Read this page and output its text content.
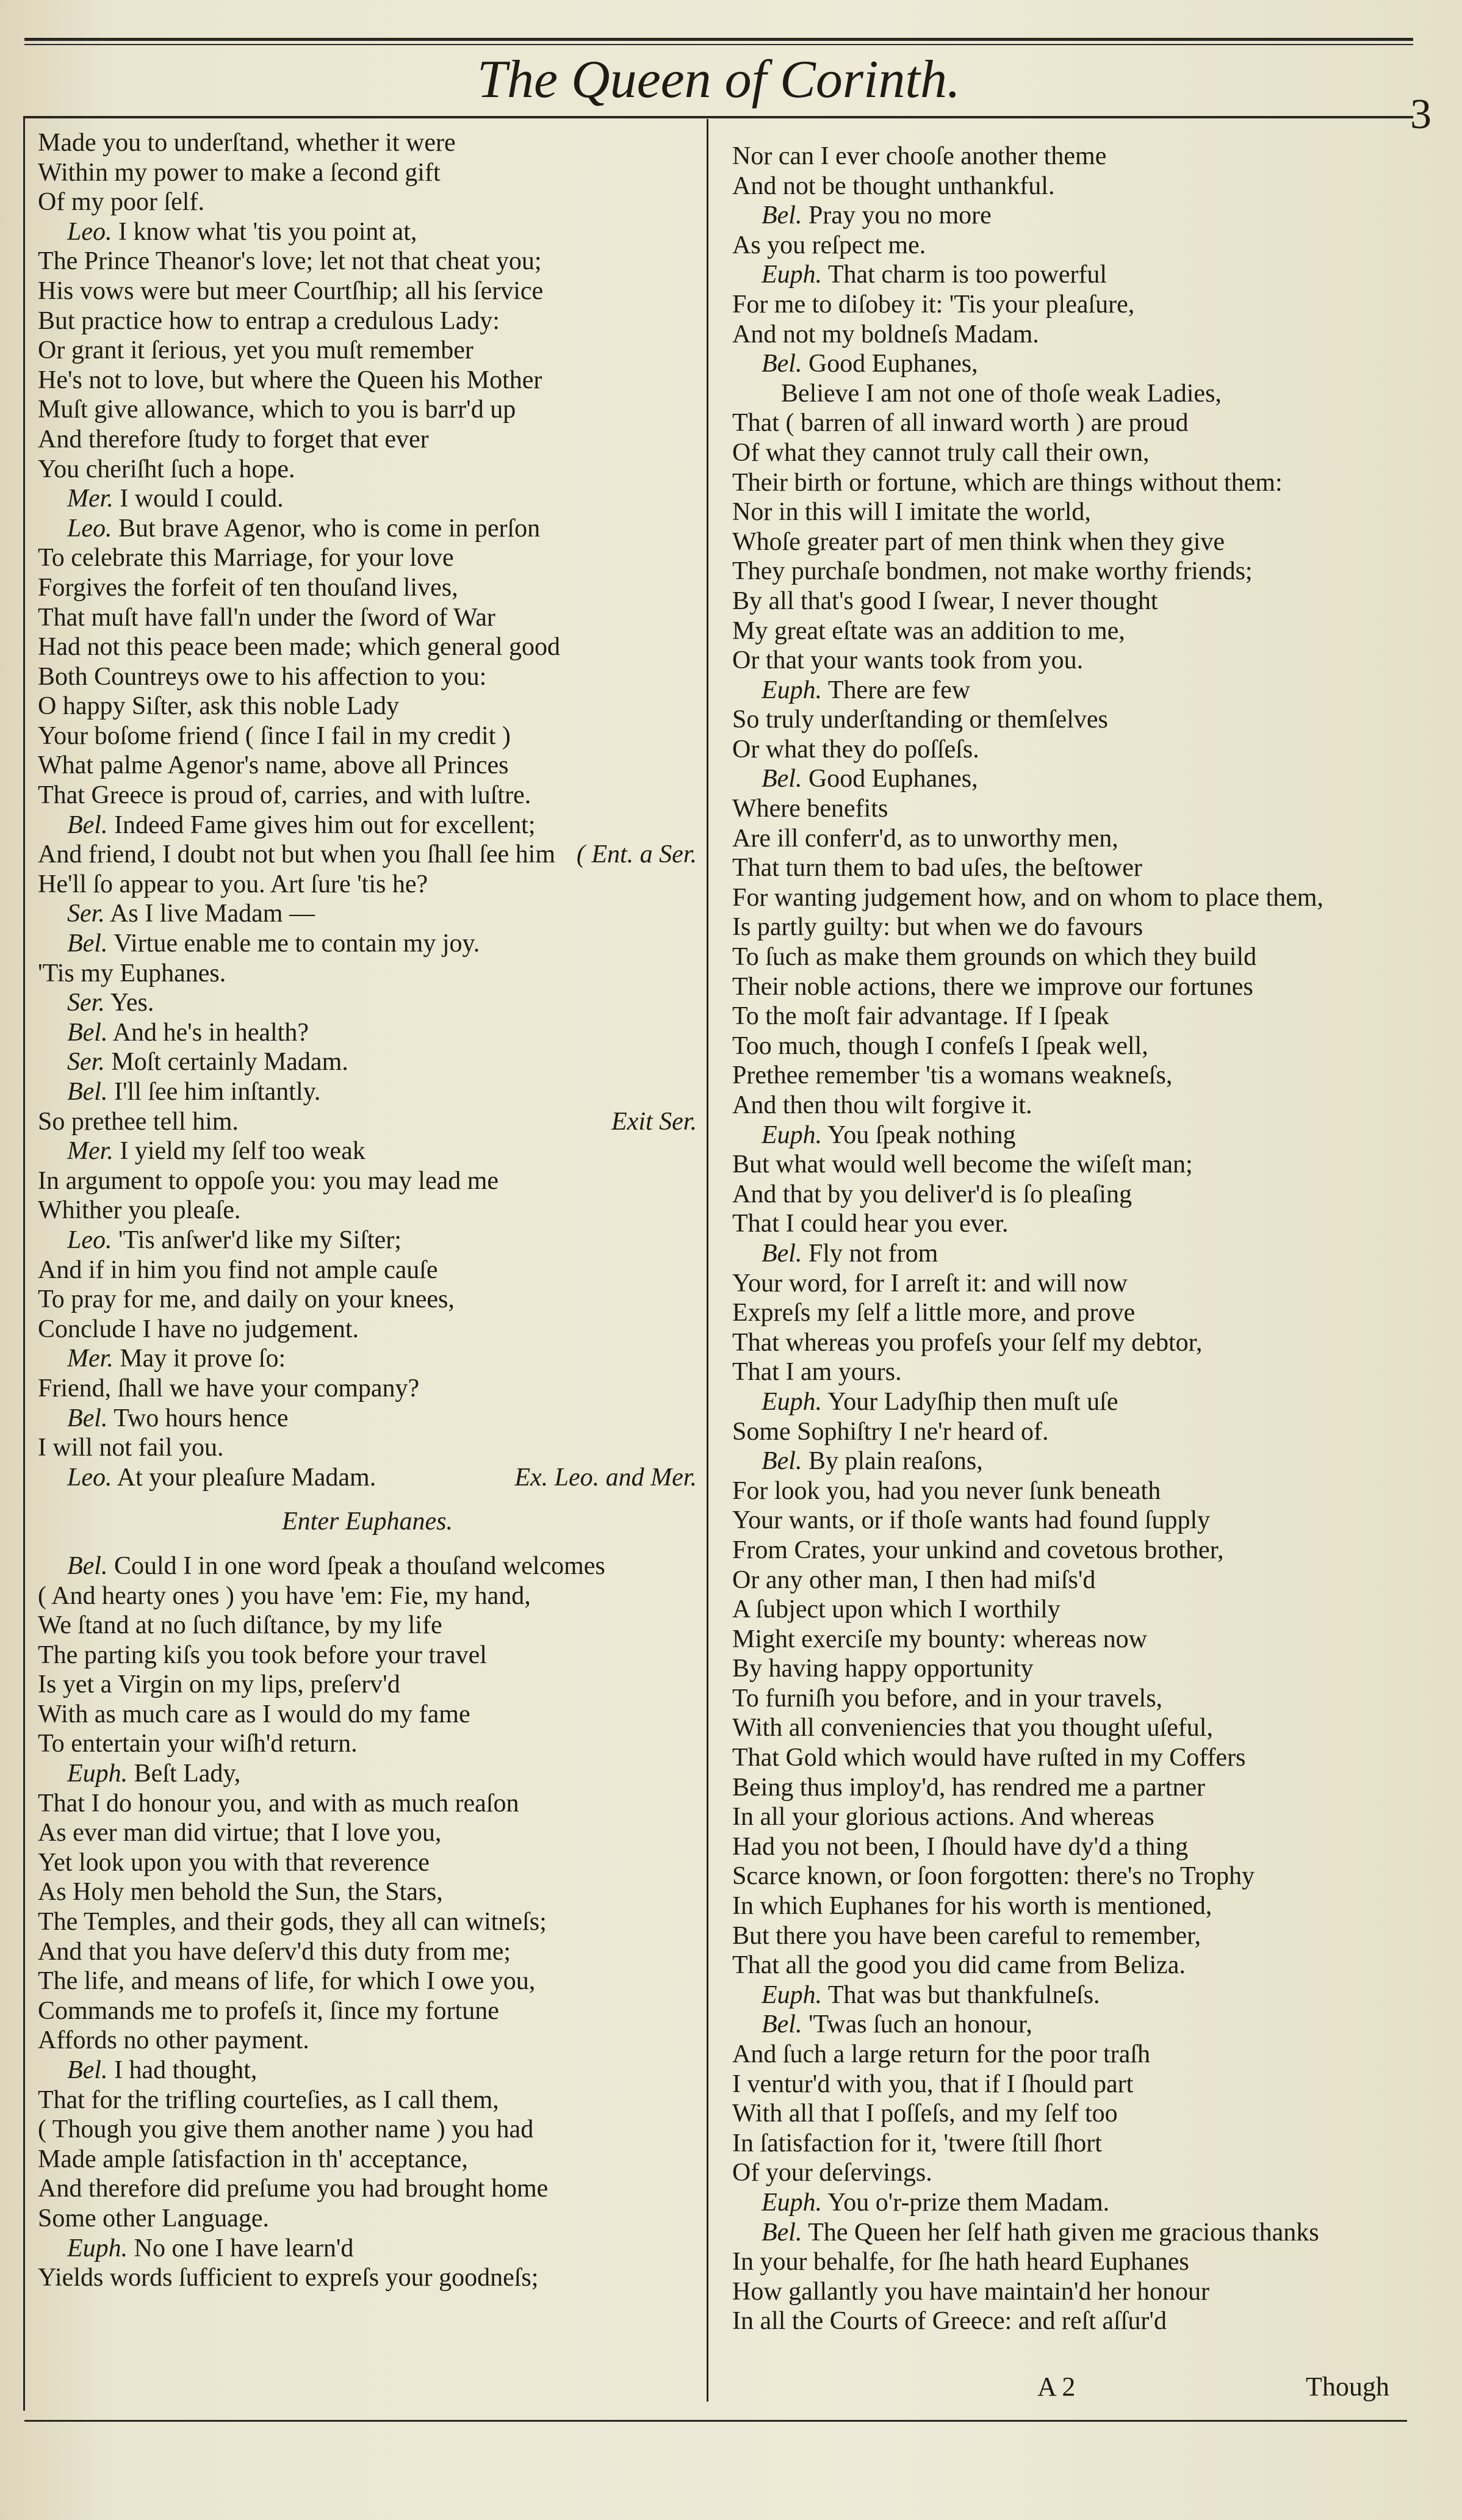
The Queen of Corinth.
3
Made you to underſtand, whether it were
Within my power to make a ſecond gift
Of my poor ſelf.
Leo. I know what 'tis you point at,
The Prince Theanor's love; let not that cheat you;
His vows were but meer Courtſhip; all his ſervice
But practice how to entrap a credulous Lady:
Or grant it ſerious, yet you muſt remember
He's not to love, but where the Queen his Mother
Muſt give allowance, which to you is barr'd up
And therefore ſtudy to forget that ever
You cheriſht ſuch a hope.
Mer. I would I could.
Leo. But brave Agenor, who is come in perſon
To celebrate this Marriage, for your love
Forgives the forfeit of ten thouſand lives,
That muſt have fall'n under the ſword of War
Had not this peace been made; which general good
Both Countreys owe to his affection to you:
O happy Siſter, ask this noble Lady
Your boſome friend ( ſince I fail in my credit )
What palme Agenor's name, above all Princes
That Greece is proud of, carries, and with luſtre.
Bel. Indeed Fame gives him out for excellent;
And friend, I doubt not but when you ſhall ſee him ( Ent. a Ser.
He'll ſo appear to you. Art ſure 'tis he?
Ser. As I live Madam —
Bel. Virtue enable me to contain my joy.
'Tis my Euphanes.
Ser. Yes.
Bel. And he's in health?
Ser. Moſt certainly Madam.
Bel. I'll ſee him inſtantly.
So prethee tell him.	Exit Ser.
Mer. I yield my ſelf too weak
In argument to oppoſe you: you may lead me
Whither you pleaſe.
Leo. 'Tis anſwer'd like my Siſter;
And if in him you find not ample cauſe
To pray for me, and daily on your knees,
Conclude I have no judgement.
Mer. May it prove ſo:
Friend, ſhall we have your company?
Bel. Two hours hence
I will not fail you.
Leo. At your pleaſure Madam.	Ex. Leo. and Mer.
Enter Euphanes.
Bel. Could I in one word ſpeak a thouſand welcomes
( And hearty ones ) you have 'em: Fie, my hand,
We ſtand at no ſuch diſtance, by my life
The parting kiſs you took before your travel
Is yet a Virgin on my lips, preſerv'd
With as much care as I would do my fame
To entertain your wiſh'd return.
Euph. Beſt Lady,
That I do honour you, and with as much reaſon
As ever man did virtue; that I love you,
Yet look upon you with that reverence
As Holy men behold the Sun, the Stars,
The Temples, and their gods, they all can witneſs;
And that you have deſerv'd this duty from me;
The life, and means of life, for which I owe you,
Commands me to profeſs it, ſince my fortune
Affords no other payment.
Bel. I had thought,
That for the trifling courteſies, as I call them,
( Though you give them another name ) you had
Made ample ſatisfaction in th' acceptance,
And therefore did preſume you had brought home
Some other Language.
Euph. No one I have learn'd
Yields words ſufficient to expreſs your goodneſs;
Nor can I ever chooſe another theme
And not be thought unthankful.
Bel. Pray you no more
As you reſpect me.
Euph. That charm is too powerful
For me to diſobey it: 'Tis your pleaſure,
And not my boldneſs Madam.
Bel. Good Euphanes,
Believe I am not one of thoſe weak Ladies,
That ( barren of all inward worth ) are proud
Of what they cannot truly call their own,
Their birth or fortune, which are things without them:
Nor in this will I imitate the world,
Whoſe greater part of men think when they give
They purchaſe bondmen, not make worthy friends;
By all that's good I ſwear, I never thought
My great eſtate was an addition to me,
Or that your wants took from you.
Euph. There are few
So truly underſtanding or themſelves
Or what they do poſſeſs.
Bel. Good Euphanes,
Where benefits
Are ill conferr'd, as to unworthy men,
That turn them to bad uſes, the beſtower
For wanting judgement how, and on whom to place them,
Is partly guilty: but when we do favours
To ſuch as make them grounds on which they build
Their noble actions, there we improve our fortunes
To the moſt fair advantage. If I ſpeak
Too much, though I confeſs I ſpeak well,
Prethee remember 'tis a womans weakneſs,
And then thou wilt forgive it.
Euph. You ſpeak nothing
But what would well become the wiſeſt man;
And that by you deliver'd is ſo pleaſing
That I could hear you ever.
Bel. Fly not from
Your word, for I arreſt it: and will now
Expreſs my ſelf a little more, and prove
That whereas you profeſs your ſelf my debtor,
That I am yours.
Euph. Your Ladyſhip then muſt uſe
Some Sophiſtry I ne'r heard of.
Bel. By plain reaſons,
For look you, had you never ſunk beneath
Your wants, or if thoſe wants had found ſupply
From Crates, your unkind and covetous brother,
Or any other man, I then had miſs'd
A ſubject upon which I worthily
Might exerciſe my bounty: whereas now
By having happy opportunity
To furniſh you before, and in your travels,
With all conveniencies that you thought uſeful,
That Gold which would have ruſted in my Coffers
Being thus imploy'd, has rendred me a partner
In all your glorious actions. And whereas
Had you not been, I ſhould have dy'd a thing
Scarce known, or ſoon forgotten: there's no Trophy
In which Euphanes for his worth is mentioned,
But there you have been careful to remember,
That all the good you did came from Beliza.
Euph. That was but thankfulneſs.
Bel. 'Twas ſuch an honour,
And ſuch a large return for the poor traſh
I ventur'd with you, that if I ſhould part
With all that I poſſeſs, and my ſelf too
In ſatisfaction for it, 'twere ſtill ſhort
Of your deſervings.
Euph. You o'r-prize them Madam.
Bel. The Queen her ſelf hath given me gracious thanks
In your behalfe, for ſhe hath heard Euphanes
How gallantly you have maintain'd her honour
In all the Courts of Greece: and reſt aſſur'd
A 2	Though
